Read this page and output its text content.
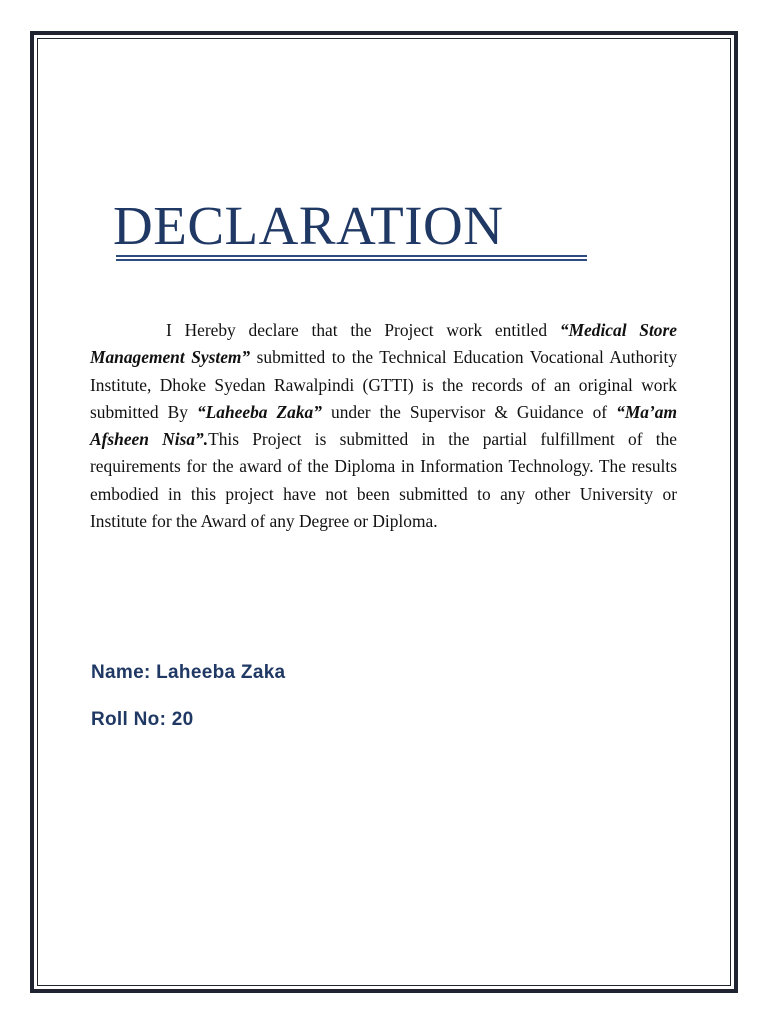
DECLARATION

I Hereby declare that the Project work entitled “Medical Store Management System” submitted to the Technical Education Vocational Authority Institute, Dhoke Syedan Rawalpindi (GTTI) is the records of an original work submitted By “Laheeba Zaka” under the Supervisor & Guidance of “Ma’am Afsheen Nisa”.This Project is submitted in the partial fulfillment of the requirements for the award of the Diploma in Information Technology. The results embodied in this project have not been submitted to any other University or Institute for the Award of any Degree or Diploma.

Name: Laheeba Zaka
Roll No: 20
